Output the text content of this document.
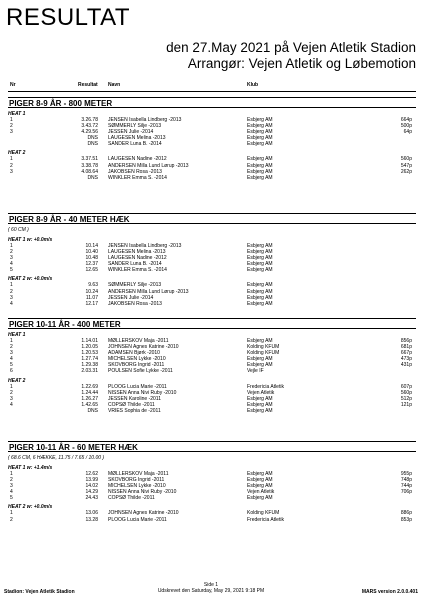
RESULTAT
den 27.May 2021 på Vejen Atletik Stadion
Arrangør: Vejen Atletik og Løbemotion
Nr	Resultat Navn	Klub
PIGER 8-9 ÅR - 800 METER
HEAT 1
1	3.26.78 JENSEN Isabella Lindberg -2013	Esbjerg AM	664p
2	3.43.72 SØMMERLY Silje -2013	Esbjerg AM	500p
3	4.29.56 JESSEN Julie -2014	Esbjerg AM	64p
DNS LAUGESEN Melina -2013	Esbjerg AM
DNS SANDER Luna B. -2014	Esbjerg AM
HEAT 2
1	3.37.51 LAUGESEN Nadine -2012	Esbjerg AM	560p
2	3.38.78 ANDERSEN Milla Lund Lørup -2013	Esbjerg AM	547p
3	4.08.64 JAKOBSEN Rosa -2013	Esbjerg AM	262p
DNS WINKLER Emma S. -2014	Esbjerg AM
PIGER 8-9 ÅR - 40 METER HÆK
( 60 CM )
HEAT 1 w: +0.0m/s
1	10.14 JENSEN Isabella Lindberg -2013	Esbjerg AM
2	10.40 LAUGESEN Melina -2013	Esbjerg AM
3	10.48 LAUGESEN Nadine -2012	Esbjerg AM
4	12.37 SANDER Luna B. -2014	Esbjerg AM
5	12.65 WINKLER Emma S. -2014	Esbjerg AM
HEAT 2 w: +0.0m/s
1	9.63 SØMMERLY Silje -2013	Esbjerg AM
2	10.24 ANDERSEN Milla Lund Lørup -2013	Esbjerg AM
3	11.07 JESSEN Julie -2014	Esbjerg AM
4	12.17 JAKOBSEN Rosa -2013	Esbjerg AM
PIGER 10-11 ÅR - 400 METER
HEAT 1
1	1.14.01 MØLLERSKOV Maja -2011	Esbjerg AM	856p
2	1.20.05 JOHNSEN Agnes Katrine -2010	Kolding KFUM	681p
3	1.20.53 ADAMSEN Bjørk -2010	Kolding KFUM	667p
4	1.27.74 MICHELSEN Lykke -2010	Esbjerg AM	473p
5	1.29.38 SKOVBORG Ingrid -2011	Esbjerg AM	431p
6	2.03.31 POULSEN Sofie Lykke -2011	Vejle IF
HEAT 2
1	1.22.69 PLOOG Lucia Marie -2011	Fredericia Atletik	607p
2	1.24.44 NISSEN Anna Nivi Ruby -2010	Vejen Atletik	560p
3	1.26.27 JESSEN Karoline -2011	Esbjerg AM	512p
4	1.42.65 COPSØ Thilde -2011	Esbjerg AM	121p
DNS VRIES Sophia de -2011	Esbjerg AM
PIGER 10-11 ÅR - 60 METER HÆK
( 68.6 CM, 6 HÆKKE, 11.75 / 7.65 / 10.00 )
HEAT 1 w: +1.4m/s
1	12.62 MØLLERSKOV Maja -2011	Esbjerg AM	955p
2	13.99 SKOVBORG Ingrid -2011	Esbjerg AM	748p
3	14.02 MICHELSEN Lykke -2010	Esbjerg AM	744p
4	14.29 NISSEN Anna Nivi Ruby -2010	Vejen Atletik	706p
5	24.43 COPSØ Thilde -2011	Esbjerg AM
HEAT 2 w: +0.0m/s
1	13.06 JOHNSEN Agnes Katrine -2010	Kolding KFUM	886p
2	13.28 PLOOG Lucia Marie -2011	Fredericia Atletik	853p
Side 1
Udskrevet den Saturday, May 29, 2021 9:18 PM
Stadion: Vejen Atletik Stadion	MARS version 2.0.0.401
